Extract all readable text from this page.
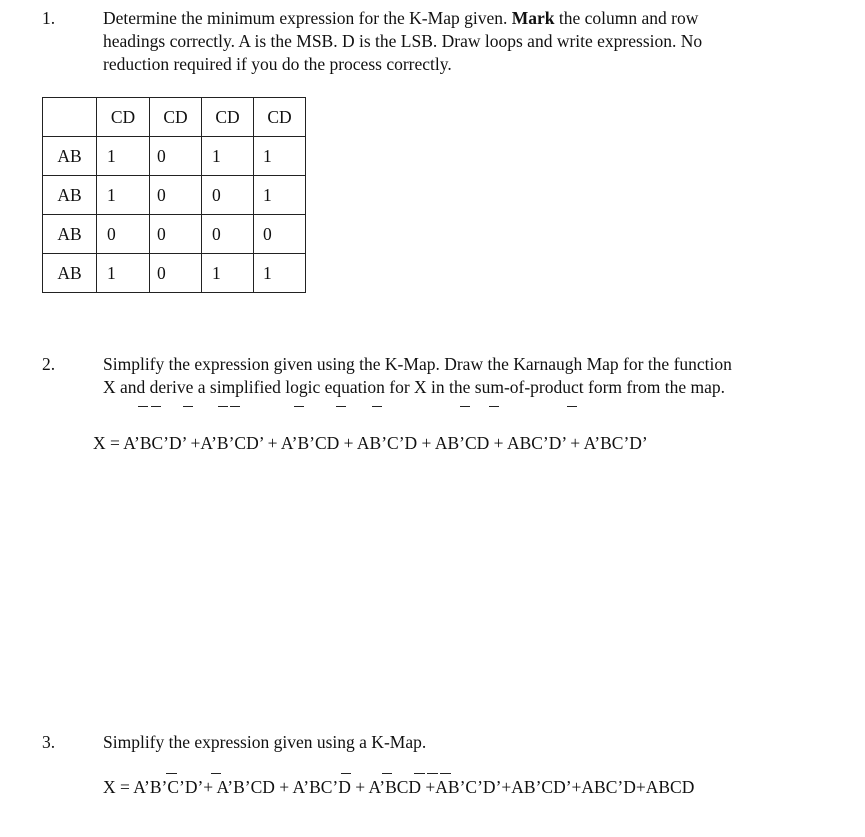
1.	Determine the minimum expression for the K-Map given. Mark the column and row
headings correctly. A is the MSB. D is the LSB. Draw loops and write expression. No
reduction required if you do the process correctly.
	CD	CD	CD	CD
AB	1	0	1	1
AB	1	0	0	1
AB	0	0	0	0
AB	1	0	1	1
2.	Simplify the expression given using the K-Map. Draw the Karnaugh Map for the function
X and derive a simplified logic equation for X in the sum-of-product form from the map.
X = A’BC’D’ +A’B’CD’ + A’B’CD + AB’C’D + AB’CD + ABC’D’ + A’BC’D’
3.	Simplify the expression given using a K-Map.
X = A’B’C’D’+ A’B’CD + A’BC’D + A’BCD +AB’C’D’+AB’CD’+ABC’D+ABCD
